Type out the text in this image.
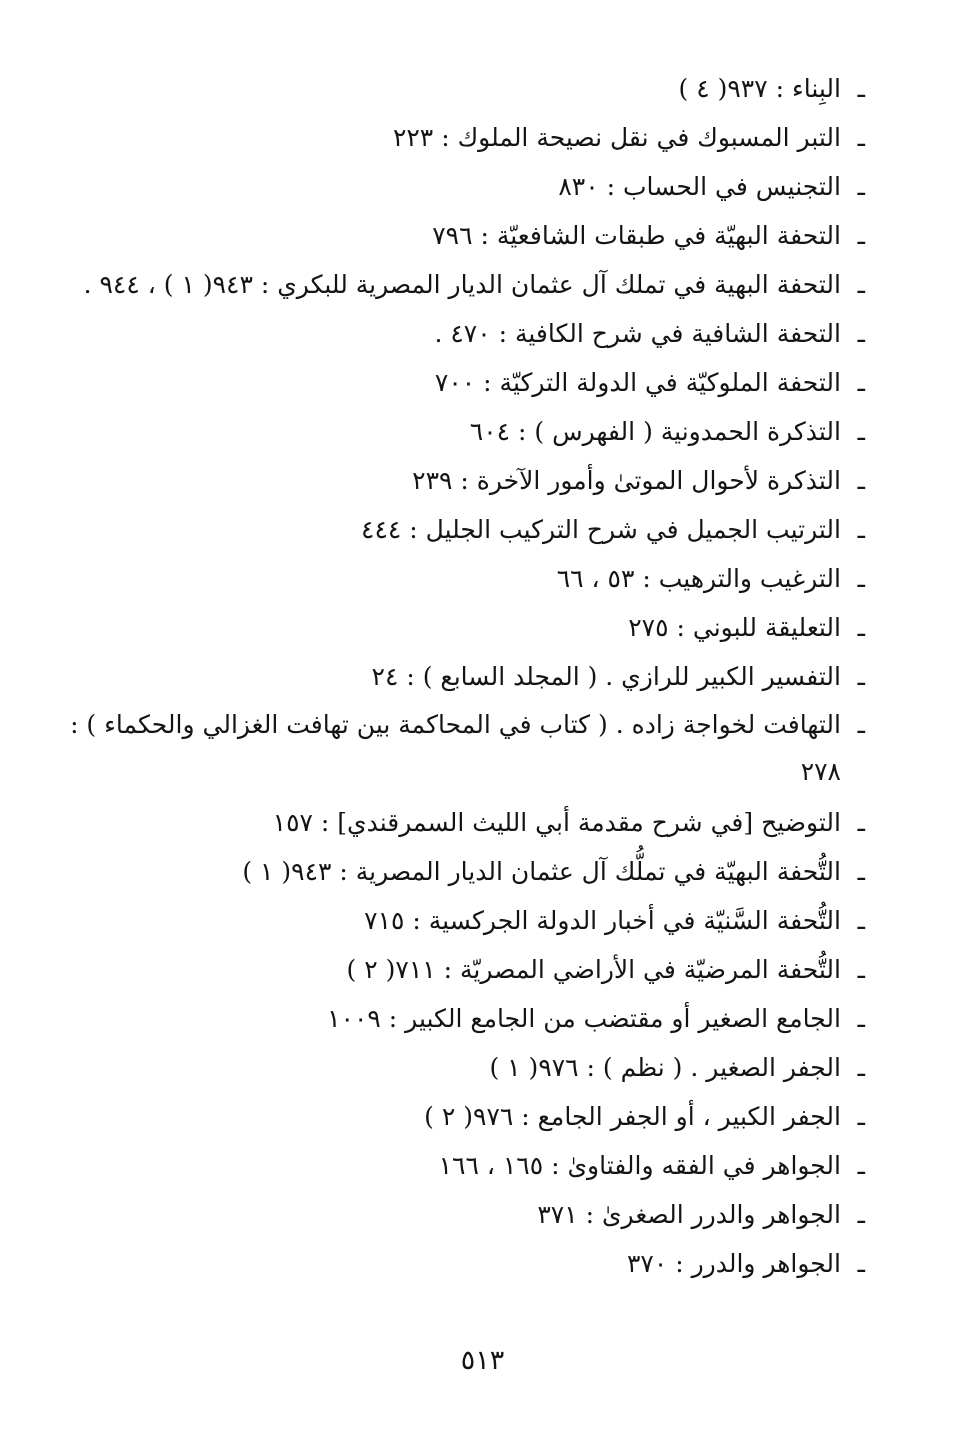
ـ
البِناء : ٩٣٧( ٤ )
ـ
التبر المسبوك في نقل نصيحة الملوك : ٢٢٣
ـ
التجنيس في الحساب : ٨٣٠
ـ
التحفة البهيّة في طبقات الشافعيّة : ٧٩٦
ـ
التحفة البهية في تملك آل عثمان الديار المصرية للبكري : ٩٤٣( ١ ) ، ٩٤٤ .
ـ
التحفة الشافية في شرح الكافية : ٤٧٠ .
ـ
التحفة الملوكيّة في الدولة التركيّة : ٧٠٠
ـ
التذكرة الحمدونية ( الفهرس ) : ٦٠٤
ـ
التذكرة لأحوال الموتىٰ وأمور الآخرة : ٢٣٩
ـ
الترتيب الجميل في شرح التركيب الجليل : ٤٤٤
ـ
الترغيب والترهيب : ٥٣ ، ٦٦
ـ
التعليقة للبوني : ٢٧٥
ـ
التفسير الكبير للرازي . ( المجلد السابع ) : ٢٤
ـ
التهافت لخواجة زاده . ( كتاب في المحاكمة بين تهافت الغزالي والحكماء ) : ٢٧٨
ـ
التوضيح [في شرح مقدمة أبي الليث السمرقندي] : ١٥٧
ـ
التُّحفة البهيّة في تملُّك آل عثمان الديار المصرية : ٩٤٣( ١ )
ـ
التُّحفة السَّنيّة في أخبار الدولة الجركسية : ٧١٥
ـ
التُّحفة المرضيّة في الأراضي المصريّة : ٧١١( ٢ )
ـ
الجامع الصغير أو مقتضب من الجامع الكبير : ١٠٠٩
ـ
الجفر الصغير . ( نظم ) : ٩٧٦( ١ )
ـ
الجفر الكبير ، أو الجفر الجامع : ٩٧٦( ٢ )
ـ
الجواهر في الفقه والفتاوىٰ : ١٦٥ ، ١٦٦
ـ
الجواهر والدرر الصغرىٰ : ٣٧١
ـ
الجواهر والدرر : ٣٧٠
٥١٣
